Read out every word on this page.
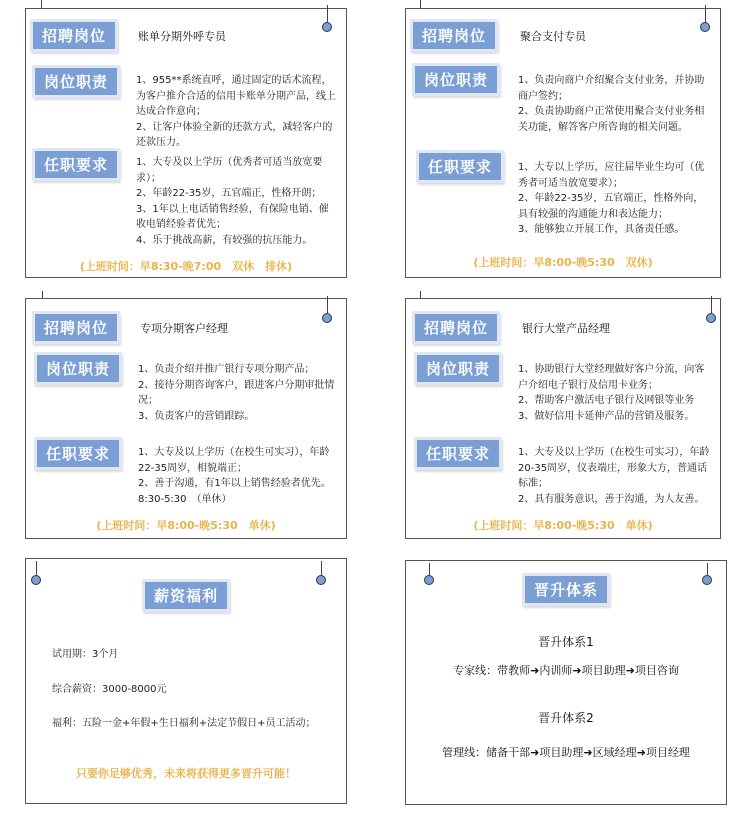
招聘岗位	账单分期外呼专员
岗位职责	1、955**系统直呼，通过固定的话术流程，为客户推介合适的信用卡账单分期产品，线上达成合作意向；

2、让客户体验全新的还款方式，减轻客户的还款压力。

任职要求	1、大专及以上学历（优秀者可适当放宽要求）；

2、年龄22-35岁，五官端正，性格开朗；

3、1年以上电话销售经验，有保险电销、催收电销经验者优先；

4、乐于挑战高薪，有较强的抗压能力。

(上班时间：早8:30-晚7:00　双休　排休)
招聘岗位	聚合支付专员
岗位职责	1、负责向商户介绍聚合支付业务，并协助商户签约；

2、负责协助商户正常使用聚合支付业务相关功能，解答客户所咨询的相关问题。

任职要求	1、大专以上学历，应往届毕业生均可（优秀者可适当放宽要求）；

2、年龄22-35岁，五官端正，性格外向，具有较强的沟通能力和表达能力；

3、能够独立开展工作，具备责任感。

(上班时间：早8:00-晚5:30　双休)
招聘岗位	专项分期客户经理
岗位职责	1、负责介绍并推广银行专项分期产品；

2、接待分期咨询客户，跟进客户分期审批情况；

3、负责客户的营销跟踪。

任职要求	1、大专及以上学历（在校生可实习），年龄22-35周岁，相貌端正；

2、善于沟通，有1年以上销售经验者优先。

8:30-5:30　（单休）

(上班时间：早8:00-晚5:30　单休)
招聘岗位	银行大堂产品经理
岗位职责	1、协助银行大堂经理做好客户分流，向客户介绍电子银行及信用卡业务；

2、帮助客户激活电子银行及网银等业务

3、做好信用卡延伸产品的营销及服务。

任职要求	1、大专及以上学历（在校生可实习），年龄20-35周岁，仪表端庄，形象大方，普通话标准；

2、具有服务意识，善于沟通，为人友善。

(上班时间：早8:00-晚5:30　单休)
薪资福利
试用期：3个月
综合薪资：3000-8000元
福利：五险一金+年假+生日福利+法定节假日+员工活动；
只要你足够优秀，未来将获得更多晋升可能！
晋升体系
晋升体系1
专家线：带教师➜内训师➜项目助理➜项目咨询
晋升体系2
管理线：储备干部➜项目助理➜区域经理➜项目经理
